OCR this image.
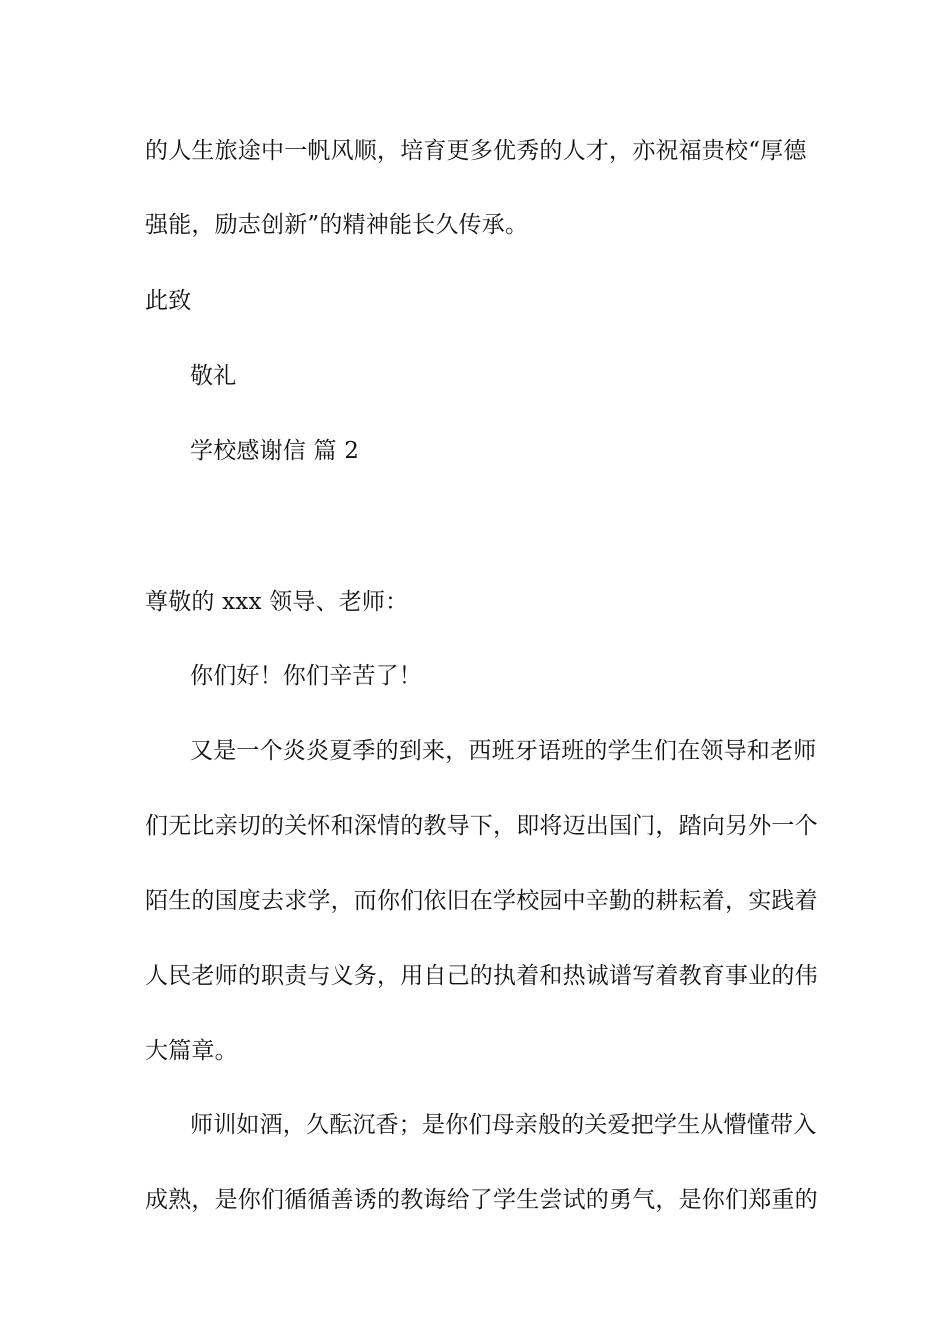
的人生旅途中一帆风顺，培育更多优秀的人才，亦祝福贵校“厚德
强能，励志创新”的精神能长久传承。
此致
敬礼
学校感谢信 篇 2
尊敬的 xxx 领导、老师：
你们好！你们辛苦了！
又是一个炎炎夏季的到来，西班牙语班的学生们在领导和老师
们无比亲切的关怀和深情的教导下，即将迈出国门，踏向另外一个
陌生的国度去求学，而你们依旧在学校园中辛勤的耕耘着，实践着
人民老师的职责与义务，用自己的执着和热诚谱写着教育事业的伟
大篇章。
师训如酒，久酝沉香；是你们母亲般的关爱把学生从懵懂带入
成熟，是你们循循善诱的教诲给了学生尝试的勇气，是你们郑重的
